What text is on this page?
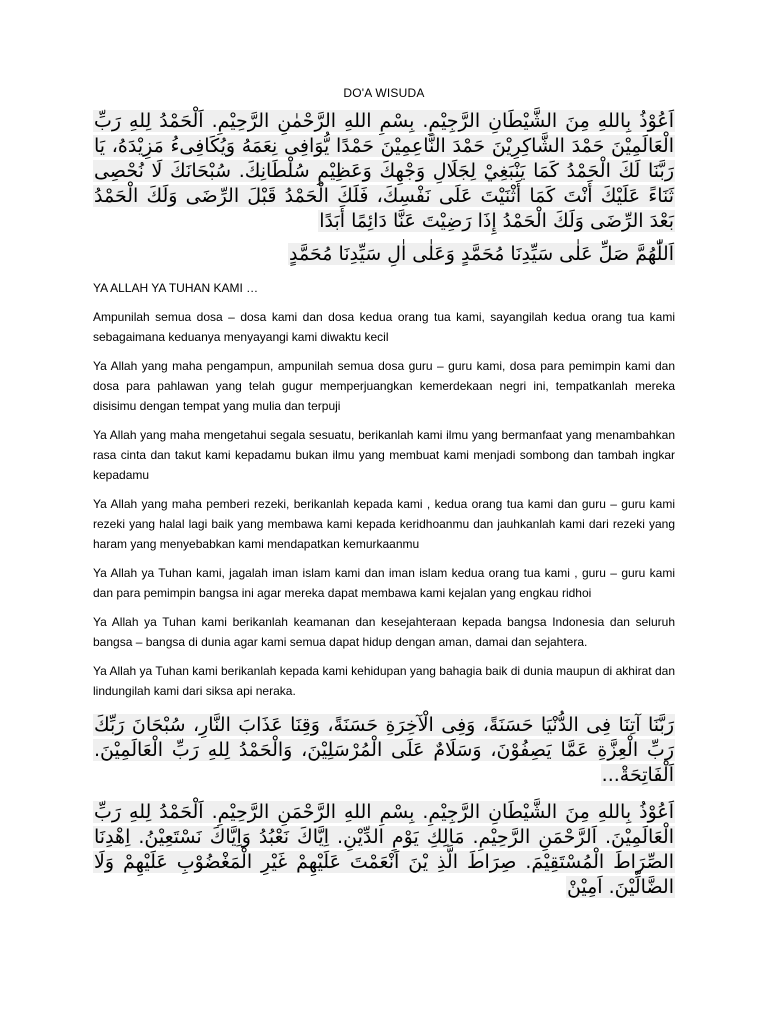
DO'A WISUDA

اَعُوْذُ بِاللهِ مِنَ الشَّيْطَانِ الرَّجِيْمِ. بِسْمِ اللهِ الرَّحْمٰنِ الرَّحِيْمِ. اَلْحَمْدُ لِلهِ رَبِّ الْعَالَمِيْنَ حَمْدَ الشَّاكِرِيْنَ حَمْدَ النَّاعِمِيْنَ حَمْدًا يُّوَافِى نِعَمَهُ وَيُكَافِىءُ مَزِيْدَهُ، يَا رَبَّنَا لَكَ الْحَمْدُ كَمَا يَنْبَغِيْ لِجَلَالِ وَجْهِكَ وَعَظِيْمِ سُلْطَانِكَ. سُبْحَانَكَ لَا نُحْصِى ثَنَاءً عَلَيْكَ أَنْتَ كَمَا أَثْنَيْتَ عَلَى نَفْسِكَ، فَلَكَ الْحَمْدُ قَبْلَ الرِّضَى وَلَكَ الْحَمْدُ بَعْدَ الرِّضَى وَلَكَ الْحَمْدُ إِذَا رَضِيْتَ عَنَّا دَائِمًا أَبَدًا

اَللّٰهُمَّ صَلِّ عَلٰى سَيِّدِنَا مُحَمَّدٍ وَعَلٰى اٰلِ سَيِّدِنَا مُحَمَّدٍ

YA ALLAH YA TUHAN KAMI …

Ampunilah semua dosa – dosa kami dan dosa kedua orang tua kami, sayangilah kedua orang tua kami sebagaimana keduanya menyayangi kami diwaktu kecil

Ya Allah yang maha pengampun, ampunilah semua dosa guru – guru kami, dosa para pemimpin kami dan dosa para pahlawan yang telah gugur memperjuangkan kemerdekaan negri ini, tempatkanlah mereka disisimu dengan tempat yang mulia dan terpuji

Ya Allah yang maha mengetahui segala sesuatu, berikanlah kami ilmu yang bermanfaat yang menambahkan rasa cinta dan takut kami kepadamu bukan ilmu yang membuat kami menjadi sombong dan tambah ingkar kepadamu

Ya Allah yang maha pemberi rezeki, berikanlah kepada kami , kedua orang tua kami dan guru – guru kami rezeki yang halal lagi baik yang membawa kami kepada keridhoanmu dan jauhkanlah kami dari rezeki yang haram yang menyebabkan kami mendapatkan kemurkaanmu

Ya Allah ya Tuhan kami, jagalah iman islam kami dan iman islam kedua orang tua kami , guru – guru kami dan para pemimpin bangsa ini agar mereka dapat membawa kami kejalan yang engkau ridhoi

Ya Allah ya Tuhan kami berikanlah keamanan dan kesejahteraan kepada bangsa Indonesia dan seluruh bangsa – bangsa di dunia agar kami semua dapat hidup dengan aman, damai dan sejahtera.

Ya Allah ya Tuhan kami berikanlah kepada kami kehidupan yang bahagia baik di dunia maupun di akhirat dan lindungilah kami dari siksa api neraka.

رَبَّنَا آتِنَا فِى الدُّنْيَا حَسَنَةً، وَفِى الْآخِرَةِ حَسَنَةً، وَقِنَا عَذَابَ النَّارِ، سُبْحَانَ رَبِّكَ رَبِّ الْعِزَّةِ عَمَّا يَصِفُوْنَ، وَسَلَامٌ عَلَى الْمُرْسَلِيْنَ، وَالْحَمْدُ لِلهِ رَبِّ الْعَالَمِيْنَ. اَلْفَاتِحَةْ...

اَعُوْذُ بِاللهِ مِنَ الشَّيْطَانِ الرَّجِيْمِ. بِسْمِ اللهِ الرَّحْمَنِ الرَّحِيْمِ. اَلْحَمْدُ لِلهِ رَبِّ الْعَالَمِيْنَ. اَلرَّحْمَنِ الرَّحِيْمِ. مَالِكِ يَوْمِ الدِّيْنِ. اِيَّاكَ نَعْبُدُ وَاِيَّاكَ نَسْتَعِيْنُ. اِهْدِنَا الصِّرَاطَ الْمُسْتَقِيْمَ. صِرَاطَ الَّذِ يْنَ اَنْعَمْتَ عَلَيْهِمْ غَيْرِ الْمَغْضُوْبِ عَلَيْهِمْ وَلَا الضَّالِّيْنَ. اَمِيْنْ
